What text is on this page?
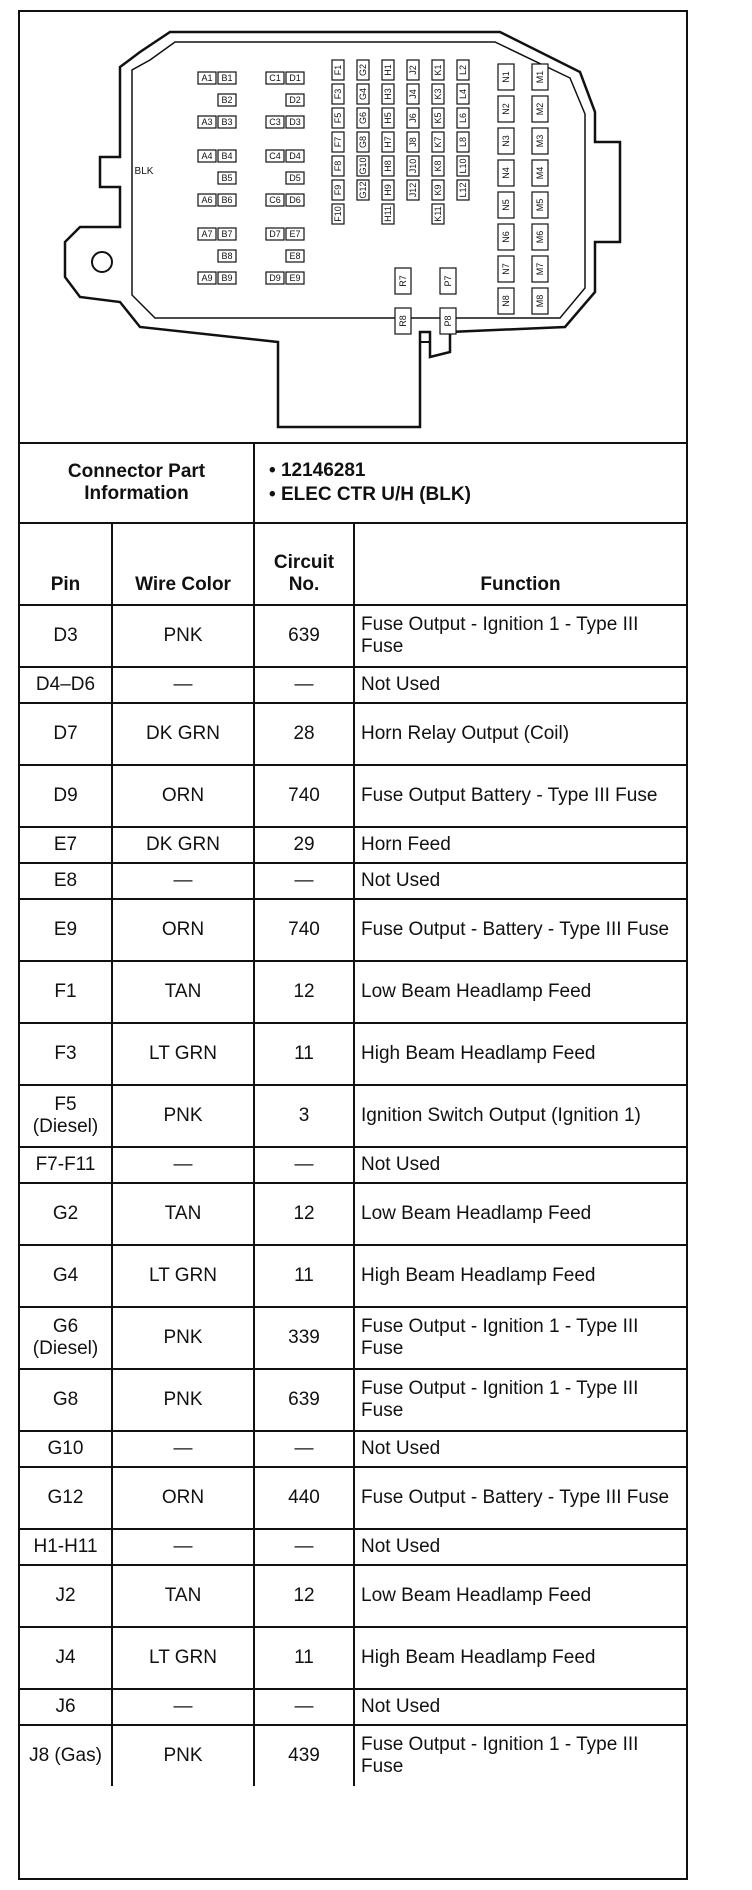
BLK
A1 B1
B2
A3 B3
A4 B4
B5
A6 B6
A7 B7
B8
A9 B9
C1 D1
D2
C3 D3
C4 D4
D5
C6 D6
D7 E7
E8
D9 E9
F1
F3
F5
F7
F8
F9
F10
G2
G4
G6
G8
G10
G12
H1
H3
H5
H7
H8
H9
H11
J2
J4
J6
J8
J10
J12
K1
K3
K5
K7
K8
K9
K11
L2
L4
L6
L8
L10
L12
N1
N2
N3
N4
N5
N6
N7
N8
M1
M2
M3
M4
M5
M6
M7
M8
R7
R8
P7
P8
Connector Part Information		• 12146281
• ELEC CTR U/H (BLK)	

Pin	Wire Color	Circuit No.	Function
D3	PNK	639	Fuse Output - Ignition 1 - Type III Fuse
D4–D6	—	—	Not Used
D7	DK GRN	28	Horn Relay Output (Coil)
D9	ORN	740	Fuse Output Battery - Type III Fuse
E7	DK GRN	29	Horn Feed
E8	—	—	Not Used
E9	ORN	740	Fuse Output - Battery - Type III Fuse
F1	TAN	12	Low Beam Headlamp Feed
F3	LT GRN	11	High Beam Headlamp Feed
F5 (Diesel)	PNK	3	Ignition Switch Output (Ignition 1)
F7-F11	—	—	Not Used
G2	TAN	12	Low Beam Headlamp Feed
G4	LT GRN	11	High Beam Headlamp Feed
G6 (Diesel)	PNK	339	Fuse Output - Ignition 1 - Type III Fuse
G8	PNK	639	Fuse Output - Ignition 1 - Type III Fuse
G10	—	—	Not Used
G12	ORN	440	Fuse Output - Battery - Type III Fuse
H1-H11	—	—	Not Used
J2	TAN	12	Low Beam Headlamp Feed
J4	LT GRN	11	High Beam Headlamp Feed
J6	—	—	Not Used
J8 (Gas)	PNK	439	Fuse Output - Ignition 1 - Type III Fuse
